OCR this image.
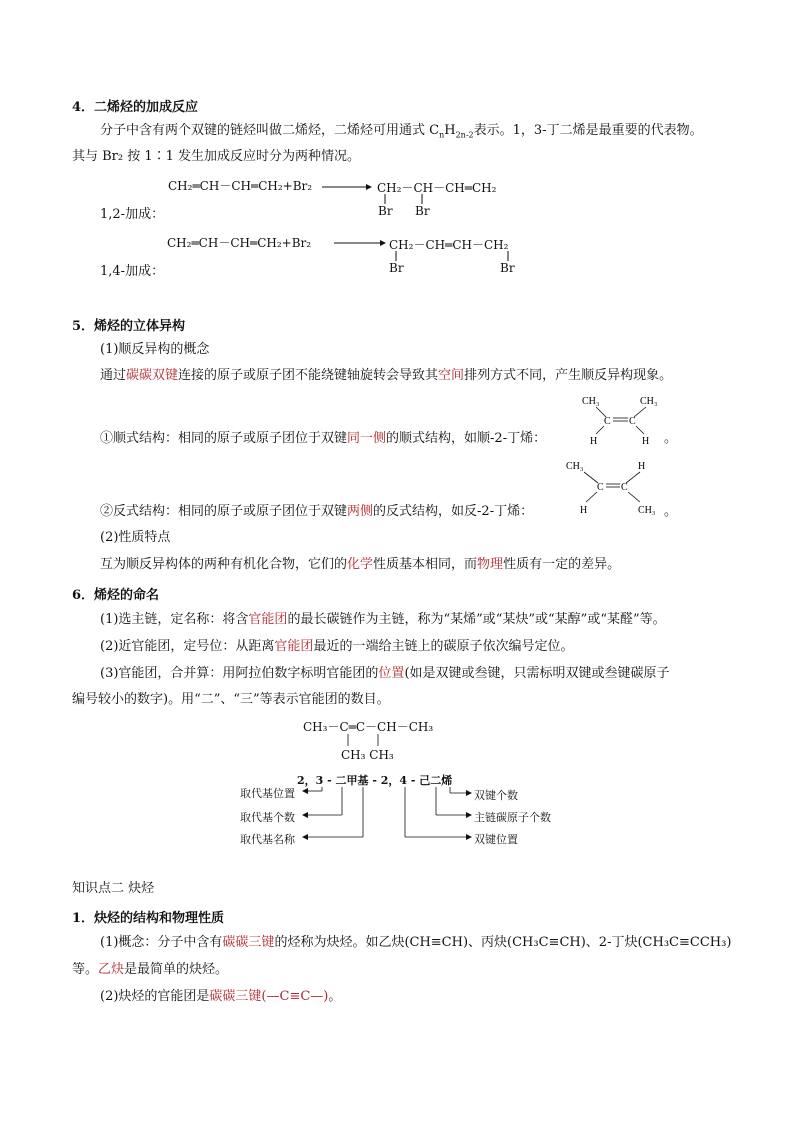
4．二烯烃的加成反应
分子中含有两个双键的链烃叫做二烯烃，二烯烃可用通式 $C_nH_{2n-2}$表示。1，3-丁二烯是最重要的代表物。
其与 Br₂ 按 1∶1 发生加成反应时分为两种情况。
CH₂═CH－CH═CH₂+Br₂ → CH₂－CH－CH═CH₂
Br Br
1,2-加成：
CH₂═CH－CH═CH₂+Br₂ → CH₂－CH═CH－CH₂
Br	Br
1,4-加成：
5．烯烃的立体异构
(1)顺反异构的概念
通过碳碳双键连接的原子或原子团不能绕键轴旋转会导致其空间排列方式不同，产生顺反异构现象。
CH₃	CH₃
C C
H	H
①顺式结构：相同的原子或原子团位于双键同一侧的顺式结构，如顺-2-丁烯：	。
CH₃	H
C C
H	CH₃
②反式结构：相同的原子或原子团位于双键两侧的反式结构，如反-2-丁烯：	。
(2)性质特点
互为顺反异构体的两种有机化合物，它们的化学性质基本相同，而物理性质有一定的差异。
6．烯烃的命名
(1)选主链，定名称：将含官能团的最长碳链作为主链，称为“某烯”或“某炔”或“某醇”或“某醛”等。
(2)近官能团，定号位：从距离官能团最近的一端给主链上的碳原子依次编号定位。
(3)官能团，合并算：用阿拉伯数字标明官能团的位置(如是双键或叁键，只需标明双键或叁键碳原子
编号较小的数字)。用“二”、“三”等表示官能团的数目。
CH₃－C═C－CH－CH₃
CH₃ CH₃
2，3 - 二甲基 - 2，4 - 己二烯
取代基位置
取代基个数
取代基名称
双键个数
主链碳原子个数
双键位置
知识点二 炔烃
1．炔烃的结构和物理性质
(1)概念：分子中含有碳碳三键的烃称为炔烃。如乙炔(CH≡CH)、丙炔(CH₃C≡CH)、2-丁炔(CH₃C≡CCH₃)
等。乙炔是最简单的炔烃。
(2)炔烃的官能团是碳碳三键(—C≡C—)。
